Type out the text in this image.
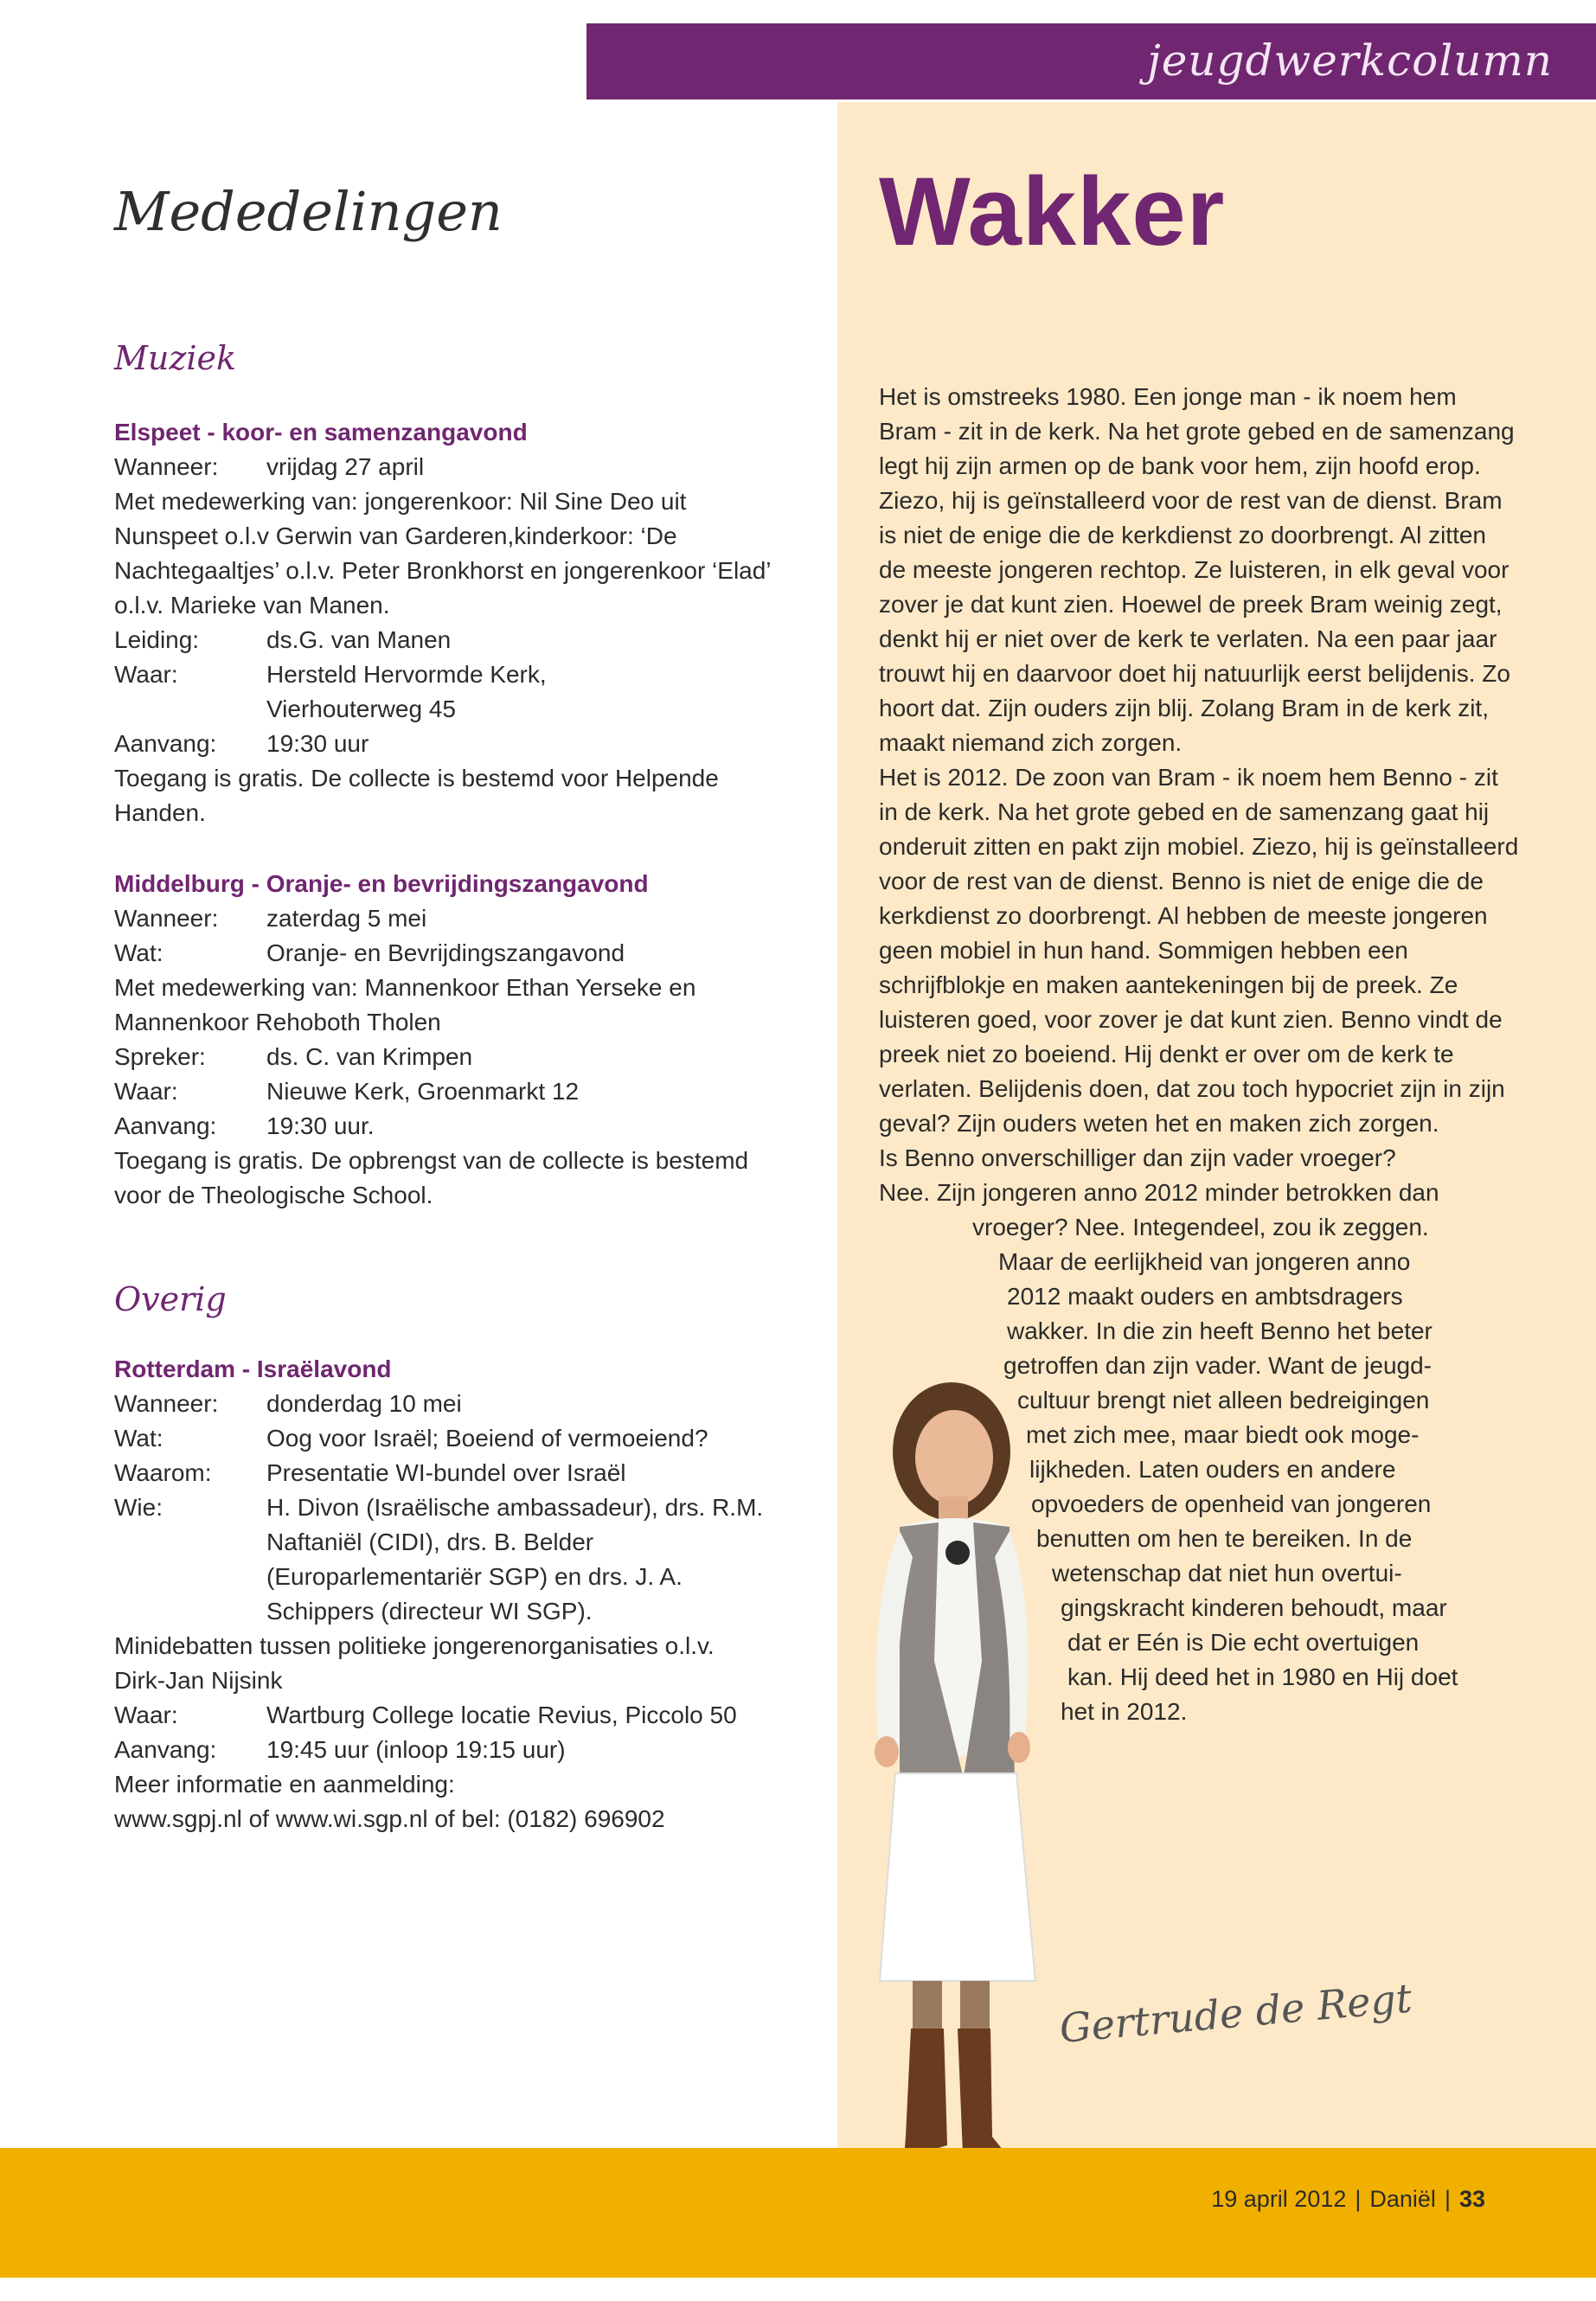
jeugdwerkcolumn
Mededelingen	Wakker
Muziek
Elspeet - koor- en samenzangavond
Wanneer:	vrijdag 27 april
Met medewerking van: jongerenkoor: Nil Sine Deo uit Nunspeet o.l.v Gerwin van Garderen,kinderkoor: ‘De Nachtegaaltjes’ o.l.v. Peter Bronkhorst en jongerenkoor ‘Elad’ o.l.v. Marieke van Manen.
Leiding:	ds.G. van Manen
Waar:	Hersteld Hervormde Kerk, Vierhouterweg 45
Aanvang:	19:30 uur
Toegang is gratis. De collecte is bestemd voor Helpende Handen.
Middelburg - Oranje- en bevrijdingszangavond
Wanneer:	zaterdag 5 mei
Wat:	Oranje- en Bevrijdingszangavond
Met medewerking van: Mannenkoor Ethan Yerseke en Mannenkoor Rehoboth Tholen
Spreker:	ds. C. van Krimpen
Waar:	Nieuwe Kerk, Groenmarkt 12
Aanvang:	19:30 uur.
Toegang is gratis. De opbrengst van de collecte is bestemd voor de Theologische School.
Overig
Rotterdam - Israëlavond
Wanneer:	donderdag 10 mei
Wat:	Oog voor Israël; Boeiend of vermoeiend?
Waarom:	Presentatie WI-bundel over Israël
Wie:	H. Divon (Israëlische ambassadeur), drs. R.M. Naftaniël (CIDI), drs. B. Belder (Europarlementariër SGP) en drs. J. A. Schippers (directeur WI SGP).
Minidebatten tussen politieke jongerenorganisaties o.l.v. Dirk-Jan Nijsink
Waar:	Wartburg College locatie Revius, Piccolo 50
Aanvang:	19:45 uur (inloop 19:15 uur)
Meer informatie en aanmelding:
www.sgpj.nl of www.wi.sgp.nl of bel: (0182) 696902

Het is omstreeks 1980. Een jonge man - ik noem hem Bram - zit in de kerk. Na het grote gebed en de samenzang legt hij zijn armen op de bank voor hem, zijn hoofd erop. Ziezo, hij is geïnstalleerd voor de rest van de dienst. Bram is niet de enige die de kerkdienst zo doorbrengt. Al zitten de meeste jongeren rechtop. Ze luisteren, in elk geval voor zover je dat kunt zien. Hoewel de preek Bram weinig zegt, denkt hij er niet over de kerk te verlaten. Na een paar jaar trouwt hij en daarvoor doet hij natuurlijk eerst belijdenis. Zo hoort dat. Zijn ouders zijn blij. Zolang Bram in de kerk zit, maakt niemand zich zorgen.

Het is 2012. De zoon van Bram - ik noem hem Benno - zit in de kerk. Na het grote gebed en de samenzang gaat hij onderuit zitten en pakt zijn mobiel. Ziezo, hij is geïnstalleerd voor de rest van de dienst. Benno is niet de enige die de kerkdienst zo doorbrengt. Al hebben de meeste jongeren geen mobiel in hun hand. Sommigen hebben een schrijfblokje en maken aantekeningen bij de preek. Ze luisteren goed, voor zover je dat kunt zien. Benno vindt de preek niet zo boeiend. Hij denkt er over om de kerk te verlaten. Belijdenis doen, dat zou toch hypocriet zijn in zijn geval? Zijn ouders weten het en maken zich zorgen.

Is Benno onverschilliger dan zijn vader vroeger?
Nee. Zijn jongeren anno 2012 minder betrokken dan
vroeger? Nee. Integendeel, zou ik zeggen.
Maar de eerlijkheid van jongeren anno
2012 maakt ouders en ambtsdragers
wakker. In die zin heeft Benno het beter
getroffen dan zijn vader. Want de jeugd-
cultuur brengt niet alleen bedreigingen
met zich mee, maar biedt ook moge-
lijkheden. Laten ouders en andere
opvoeders de openheid van jongeren
benutten om hen te bereiken. In de
wetenschap dat niet hun overtui-
gingskracht kinderen behoudt, maar
dat er Eén is Die echt overtuigen
kan. Hij deed het in 1980 en Hij doet
het in 2012.
Gertrude de Regt
19 april 2012 | Daniël | 33
